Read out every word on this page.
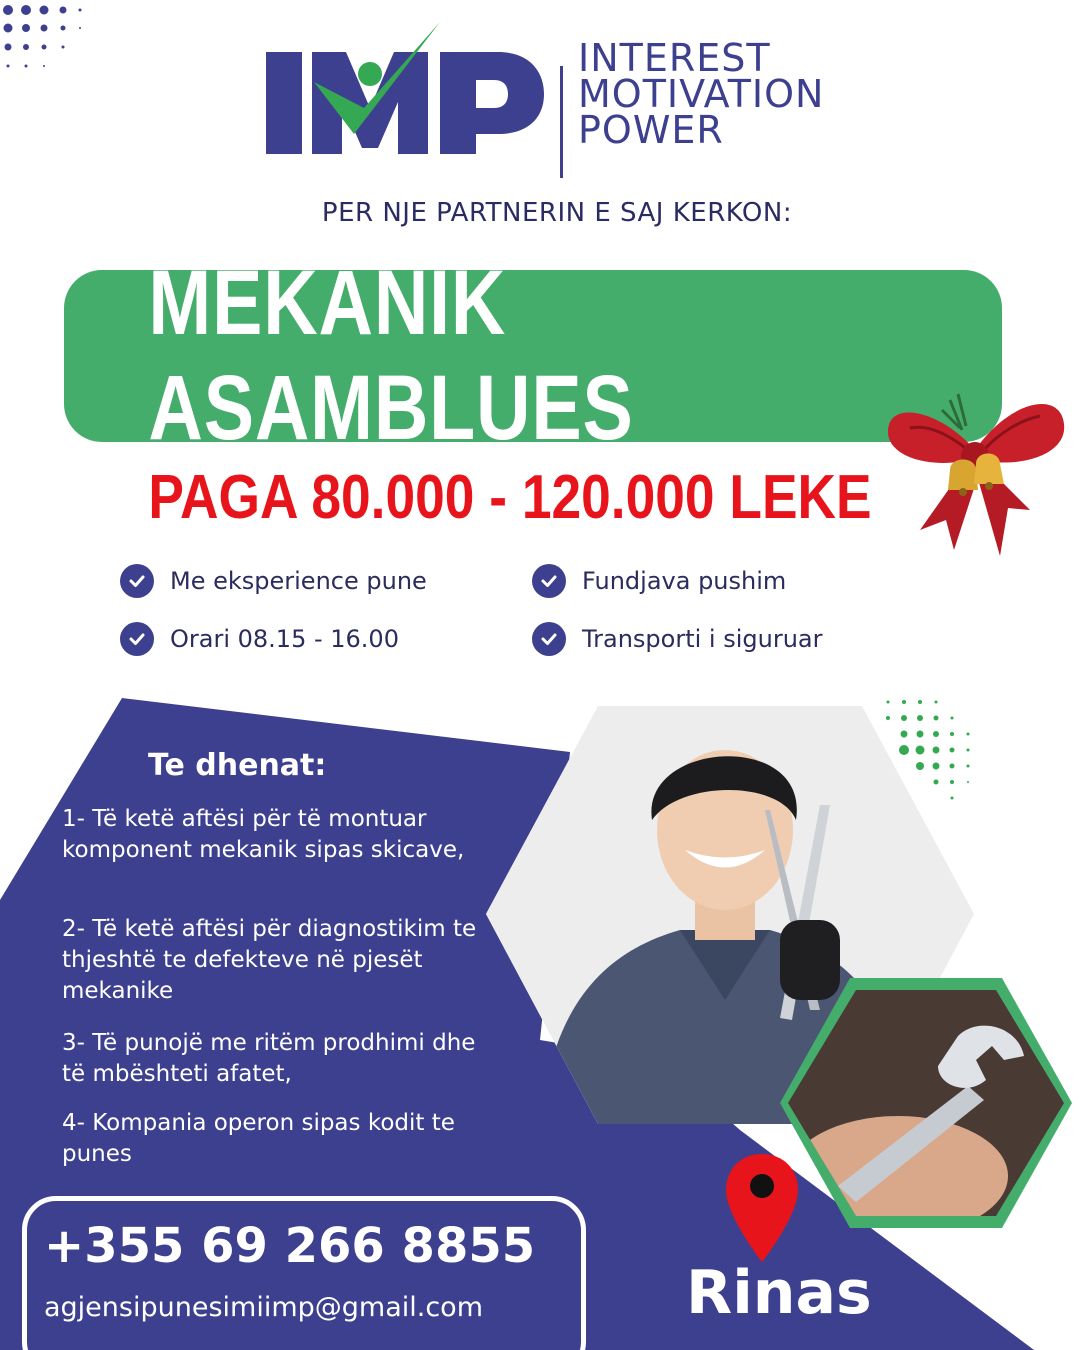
INTEREST
MOTIVATION
POWER
PER NJE PARTNERIN E SAJ KERKON:
MEKANIK ASAMBLUES
PAGA 80.000 - 120.000 LEKE
Me eksperience pune	Fundjava pushim
Orari 08.15 - 16.00	Transporti i siguruar
Te dhenat:
1- Të ketë aftësi për të montuar komponent mekanik sipas skicave,
2- Të ketë aftësi për diagnostikim te thjeshtë te defekteve në pjesët mekanike
3- Të punojë me ritëm prodhimi dhe të mbështeti afatet,
4- Kompania operon sipas kodit te punes
+355 69 266 8855
agjensipunesimiimp@gmail.com	Rinas
